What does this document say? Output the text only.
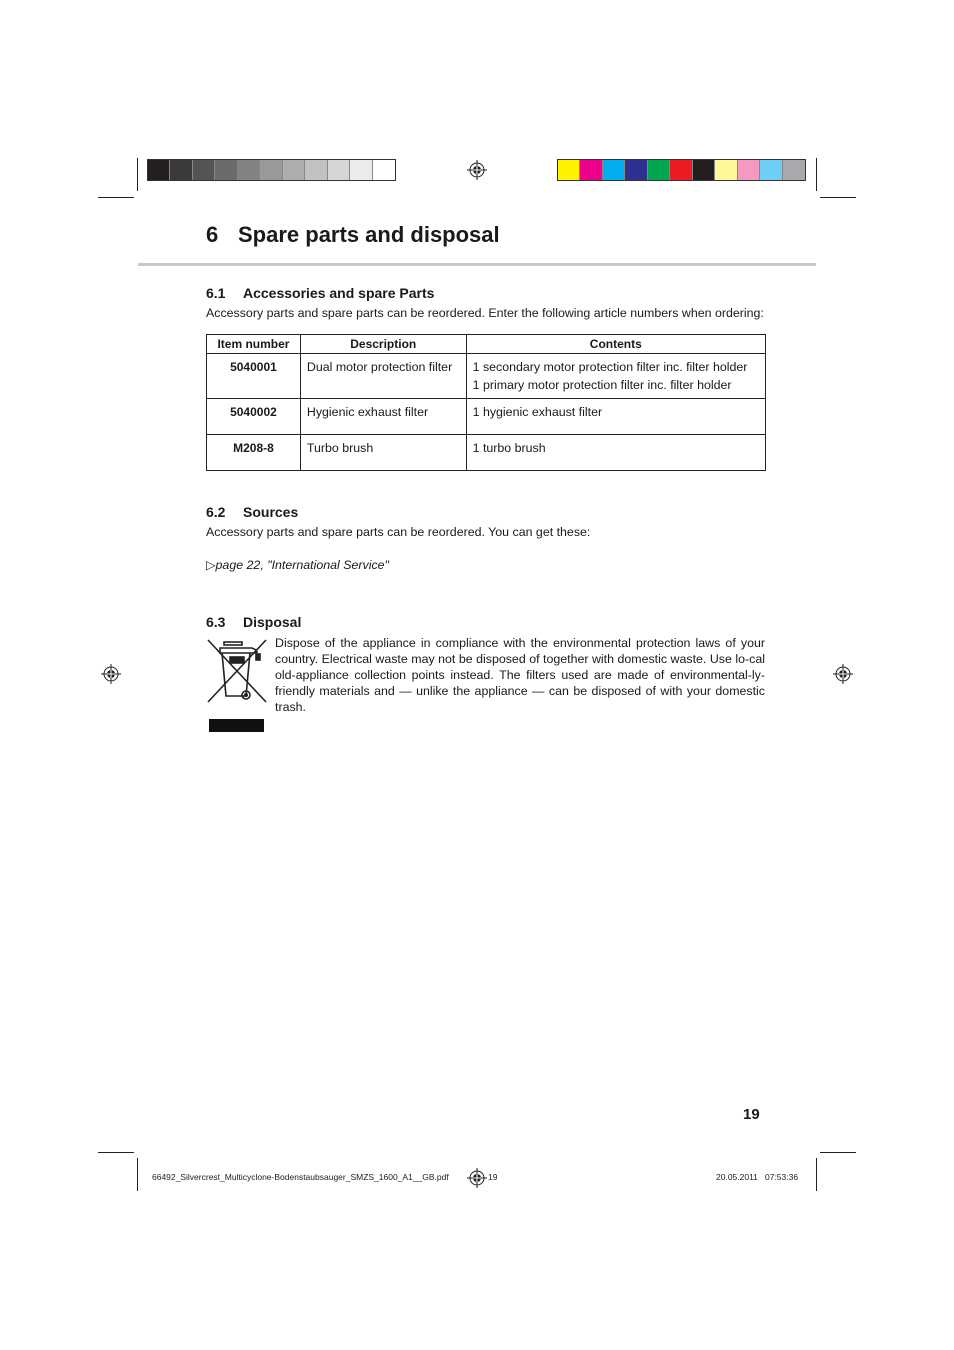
6 Spare parts and disposal
6.1 Accessories and spare Parts

Accessory parts and spare parts can be reordered. Enter the following article numbers when ordering:

Item number	Description	Contents
5040001	Dual motor protection filter	1 secondary motor protection filter inc. filter holder
1 primary motor protection filter inc. filter holder

5040002	Hygienic exhaust filter	1 hygienic exhaust filter

M208-8	Turbo brush	1 turbo brush
6.2 Sources

Accessory parts and spare parts can be reordered. You can get these:

▷page 22, "International Service"
6.3 Disposal

Dispose of the appliance in compliance with the environmental protection laws of your country. Electrical waste may not be disposed of together with domestic waste. Use lo-cal old-appliance collection points instead. The filters used are made of environmental-ly-friendly materials and — unlike the appliance — can be disposed of with your domestic trash.

19
66492_Silvercrest_Multicyclone-Bodenstaubsauger_SMZS_1600_A1__GB.pdf	19	20.05.2011   07:53:36
